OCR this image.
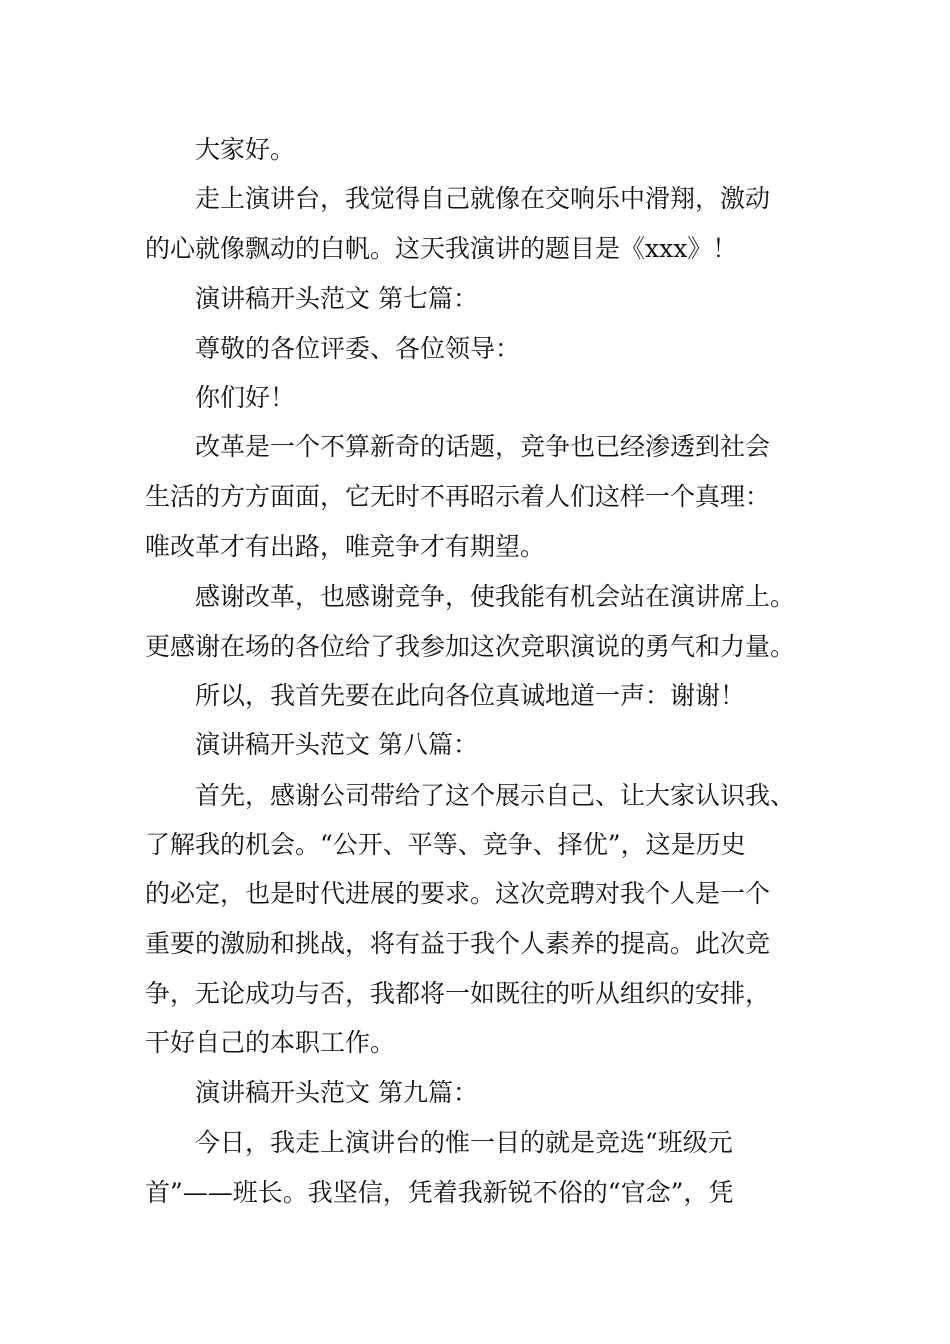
　　大家好。
　　走上演讲台，我觉得自己就像在交响乐中滑翔，激动
的心就像飘动的白帆。这天我演讲的题目是《xxx》！
　　演讲稿开头范文 第七篇：
　　尊敬的各位评委、各位领导：
　　你们好！
　　改革是一个不算新奇的话题，竞争也已经渗透到社会
生活的方方面面，它无时不再昭示着人们这样一个真理：
唯改革才有出路，唯竞争才有期望。
　　感谢改革，也感谢竞争，使我能有机会站在演讲席上。
更感谢在场的各位给了我参加这次竞职演说的勇气和力量。
　　所以，我首先要在此向各位真诚地道一声：谢谢！
　　演讲稿开头范文 第八篇：
　　首先，感谢公司带给了这个展示自己、让大家认识我、
了解我的机会。“公开、平等、竞争、择优”，这是历史
的必定，也是时代进展的要求。这次竞聘对我个人是一个
重要的激励和挑战，将有益于我个人素养的提高。此次竞
争，无论成功与否，我都将一如既往的听从组织的安排，
干好自己的本职工作。
　　演讲稿开头范文 第九篇：
　　今日，我走上演讲台的惟一目的就是竞选“班级元
首”——班长。我坚信，凭着我新锐不俗的“官念”，凭
